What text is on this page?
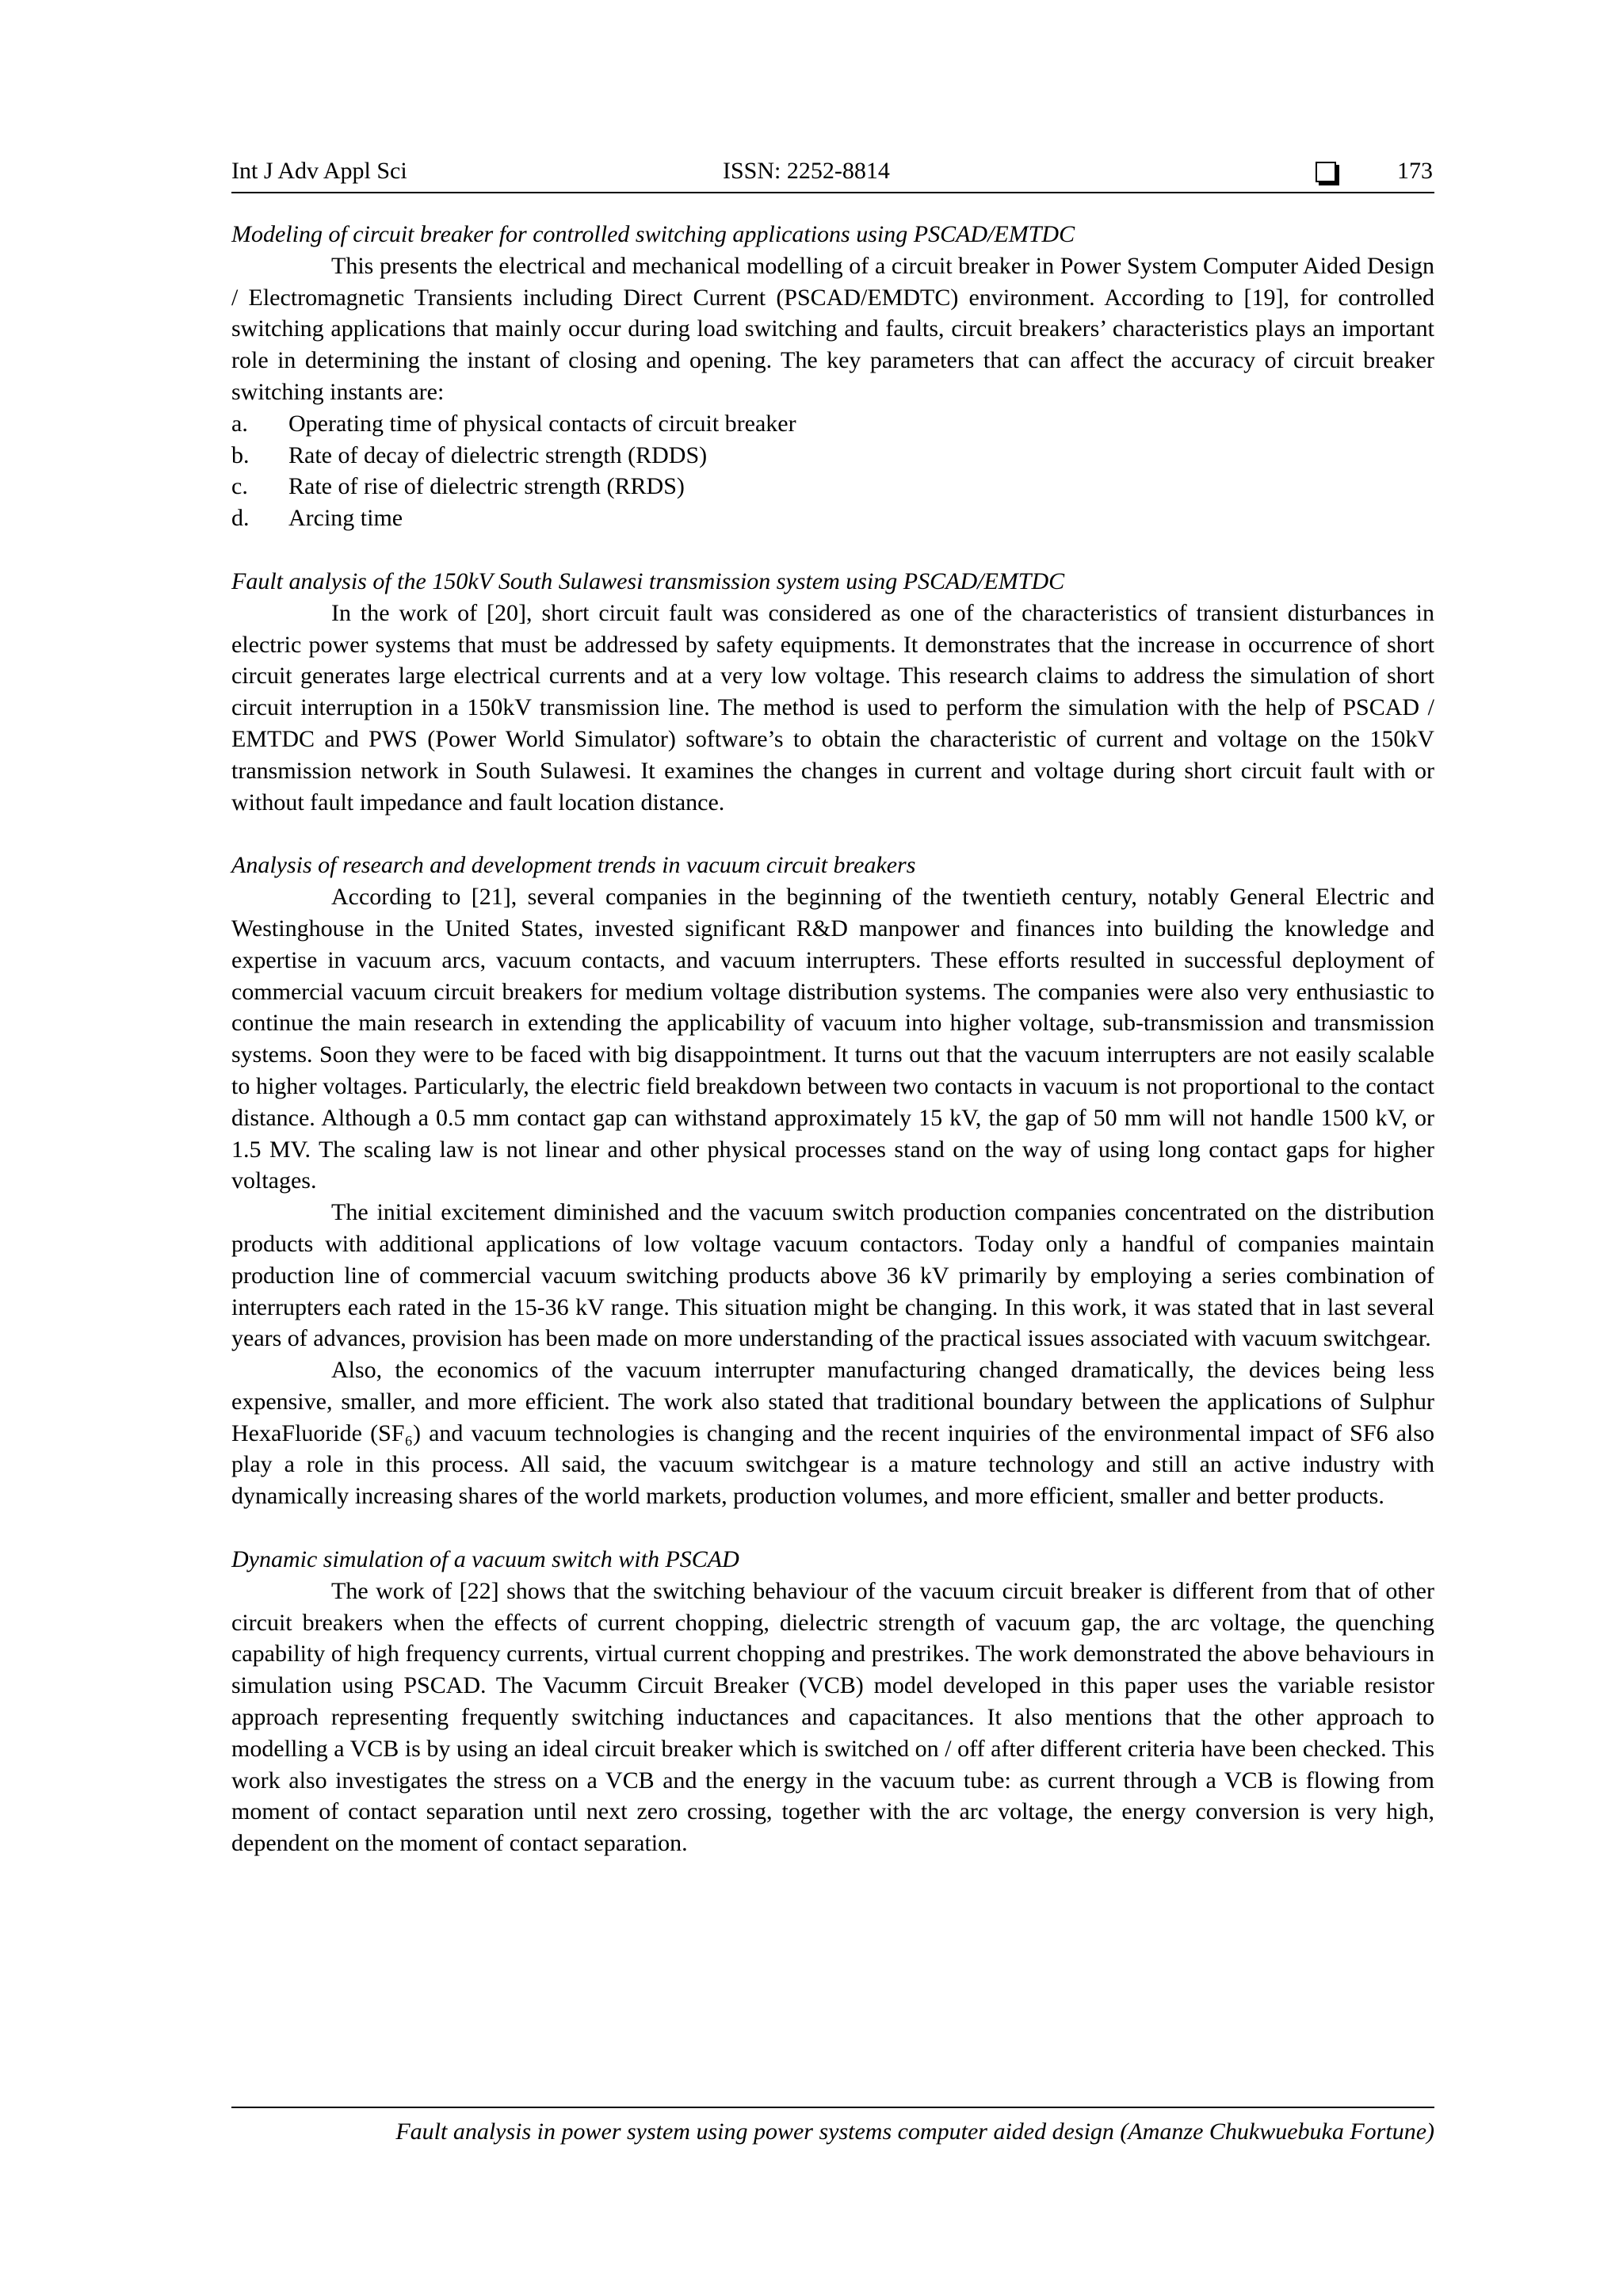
Int J Adv Appl Sci	ISSN: 2252-8814	173
Modeling of circuit breaker for controlled switching applications using PSCAD/EMTDC

This presents the electrical and mechanical modelling of a circuit breaker in Power System Computer Aided Design / Electromagnetic Transients including Direct Current (PSCAD/EMDTC) environment. According to [19], for controlled switching applications that mainly occur during load switching and faults, circuit breakers’ characteristics plays an important role in determining the instant of closing and opening. The key parameters that can affect the accuracy of circuit breaker switching instants are:

a.	Operating time of physical contacts of circuit breaker
b.	Rate of decay of dielectric strength (RDDS)
c.	Rate of rise of dielectric strength (RRDS)
d.	Arcing time
Fault analysis of the 150kV South Sulawesi transmission system using PSCAD/EMTDC

In the work of [20], short circuit fault was considered as one of the characteristics of transient disturbances in electric power systems that must be addressed by safety equipments. It demonstrates that the increase in occurrence of short circuit generates large electrical currents and at a very low voltage. This research claims to address the simulation of short circuit interruption in a 150kV transmission line. The method is used to perform the simulation with the help of PSCAD / EMTDC and PWS (Power World Simulator) software’s to obtain the characteristic of current and voltage on the 150kV transmission network in South Sulawesi. It examines the changes in current and voltage during short circuit fault with or without fault impedance and fault location distance.

Analysis of research and development trends in vacuum circuit breakers

According to [21], several companies in the beginning of the twentieth century, notably General Electric and Westinghouse in the United States, invested significant R&D manpower and finances into building the knowledge and expertise in vacuum arcs, vacuum contacts, and vacuum interrupters. These efforts resulted in successful deployment of commercial vacuum circuit breakers for medium voltage distribution systems. The companies were also very enthusiastic to continue the main research in extending the applicability of vacuum into higher voltage, sub-transmission and transmission systems. Soon they were to be faced with big disappointment. It turns out that the vacuum interrupters are not easily scalable to higher voltages. Particularly, the electric field breakdown between two contacts in vacuum is not proportional to the contact distance. Although a 0.5 mm contact gap can withstand approximately 15 kV, the gap of 50 mm will not handle 1500 kV, or 1.5 MV. The scaling law is not linear and other physical processes stand on the way of using long contact gaps for higher voltages.

The initial excitement diminished and the vacuum switch production companies concentrated on the distribution products with additional applications of low voltage vacuum contactors. Today only a handful of companies maintain production line of commercial vacuum switching products above 36 kV primarily by employing a series combination of interrupters each rated in the 15-36 kV range. This situation might be changing. In this work, it was stated that in last several years of advances, provision has been made on more understanding of the practical issues associated with vacuum switchgear.

Also, the economics of the vacuum interrupter manufacturing changed dramatically, the devices being less expensive, smaller, and more efficient. The work also stated that traditional boundary between the applications of Sulphur HexaFluoride (SF₆) and vacuum technologies is changing and the recent inquiries of the environmental impact of SF6 also play a role in this process. All said, the vacuum switchgear is a mature technology and still an active industry with dynamically increasing shares of the world markets, production volumes, and more efficient, smaller and better products.

Dynamic simulation of a vacuum switch with PSCAD

The work of [22] shows that the switching behaviour of the vacuum circuit breaker is different from that of other circuit breakers when the effects of current chopping, dielectric strength of vacuum gap, the arc voltage, the quenching capability of high frequency currents, virtual current chopping and prestrikes. The work demonstrated the above behaviours in simulation using PSCAD. The Vacumm Circuit Breaker (VCB) model developed in this paper uses the variable resistor approach representing frequently switching inductances and capacitances. It also mentions that the other approach to modelling a VCB is by using an ideal circuit breaker which is switched on / off after different criteria have been checked. This work also investigates the stress on a VCB and the energy in the vacuum tube: as current through a VCB is flowing from moment of contact separation until next zero crossing, together with the arc voltage, the energy conversion is very high, dependent on the moment of contact separation.

Fault analysis in power system using power systems computer aided design (Amanze Chukwuebuka Fortune)
